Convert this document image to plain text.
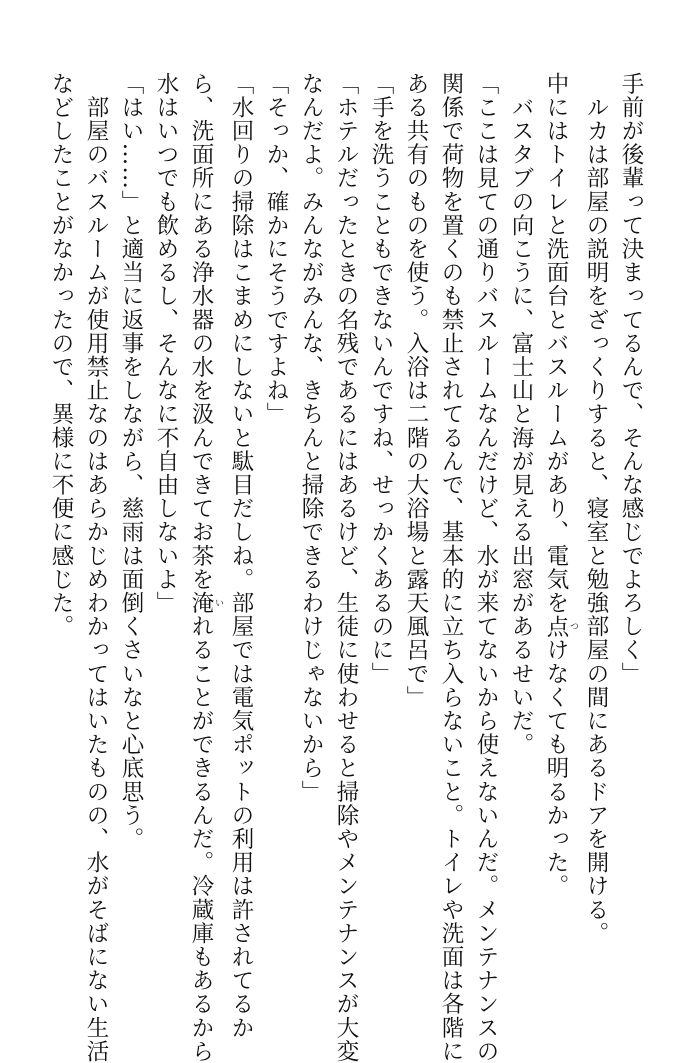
手前が後輩って決まってるんで、そんな感じでよろしく」
　ルカは部屋の説明をざっくりすると、寝室と勉強部屋の間にあるドアを開ける。
中にはトイレと洗面台とバスルームがあり、電気を点 つけなくても明るかった。
　バスタブの向こうに、富士山と海が見える出窓があるせいだ。
「ここは見ての通りバスルームなんだけど、水が来てないから使えないんだ。メンテナンスの
関係で荷物を置くのも禁止されてるんで、基本的に立ち入らないこと。トイレや洗面は各階に
ある共有のものを使う。入浴は二階の大浴場と露天風呂で」
「手を洗うこともできないんですね、せっかくあるのに」
「ホテルだったときの名残であるにはあるけど、生徒に使わせると掃除やメンテナンスが大変
なんだよ。みんながみんな、きちんと掃除できるわけじゃないから」
「そっか、確かにそうですよね」
「水回りの掃除はこまめにしないと駄目だしね。部屋では電気ポットの利用は許されてるか
ら、洗面所にある浄水器の水を汲んできてお茶を淹 いれることができるんだ。冷蔵庫もあるから
水はいつでも飲めるし、そんなに不自由しないよ」
「はい……」と適当に返事をしながら、慈雨は面倒くさいなと心底思う。
　部屋のバスルームが使用禁止なのはあらかじめわかってはいたものの、水がそばにない生活
などしたことがなかったので、異様に不便に感じた。
